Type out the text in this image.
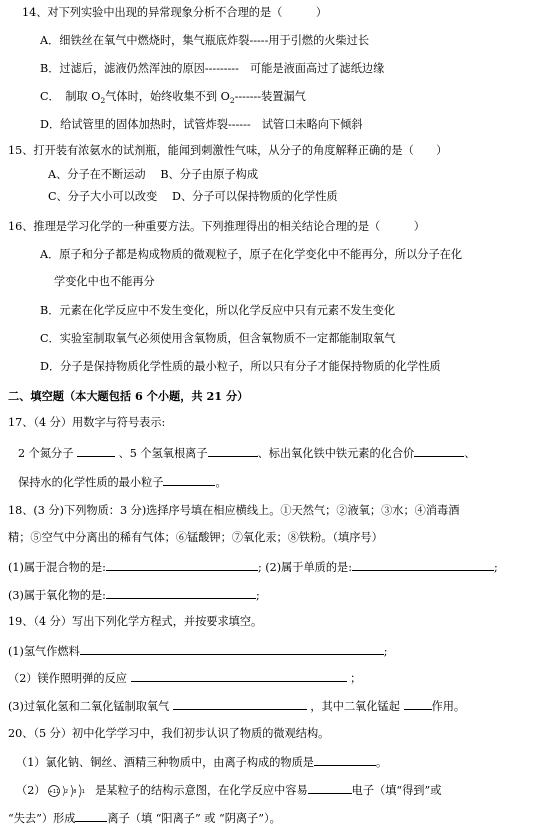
14、对下列实验中出现的异常现象分析不合理的是（　　　）
A．细铁丝在氧气中燃烧时，集气瓶底炸裂-----用于引燃的火柴过长
B．过滤后，滤液仍然浑浊的原因---------　可能是液面高过了滤纸边缘
C．　制取 $O_2$气体时，始终收集不到 $O_2-------$装置漏气
D．给试管里的固体加热时，试管炸裂------　试管口未略向下倾斜
15、打开装有浓氨水的试剂瓶，能闻到刺激性气味，从分子的角度解释正确的是（　　）
A、分子在不断运动　 B、分子由原子构成
C、分子大小可以改变　 D、分子可以保持物质的化学性质
16、推理是学习化学的一种重要方法。下列推理得出的相关结论合理的是（　　　）
A．原子和分子都是构成物质的微观粒子，原子在化学变化中不能再分，所以分子在化
学变化中也不能再分
B．元素在化学反应中不发生变化，所以化学反应中只有元素不发生变化
C．实验室制取氧气必须使用含氧物质，但含氧物质不一定都能制取氧气
D．分子是保持物质化学性质的最小粒子，所以只有分子才能保持物质的化学性质
二、填空题（本大题包括 6 个小题，共 21 分）
17、（4 分）用数字与符号表示:
2 个氮分子	、5 个氢氧根离子	、标出氧化铁中铁元素的化合价	、
保持水的化学性质的最小粒子	。
18、(3 分)下列物质：3 分)选择序号填在相应横线上。①天然气；②液氧；③水；④消毒酒
精；⑤空气中分离出的稀有气体；⑥锰酸钾；⑦氧化汞；⑧铁粉。（填序号）
(1)属于混合物的是:	; (2)属于单质的是:	;
(3)属于氧化物的是:	;
19、（4 分）写出下列化学方程式，并按要求填空。
(1)氢气作燃料	;
（2）镁作照明弹的反应	；
(3)过氧化氢和二氧化锰制取氧气	，其中二氧化锰起	作用。
20、（5 分）初中化学学习中，我们初步认识了物质的微观结构。
（1）氯化钠、铜丝、酒精三种物质中，由离子构成的物质是	。
（2） +11 2 8 1 是某粒子的结构示意图，在化学反应中容易	电子（填“得到”或
“失去”）形成	离子（填 “阳离子” 或 “阴离子”）。
